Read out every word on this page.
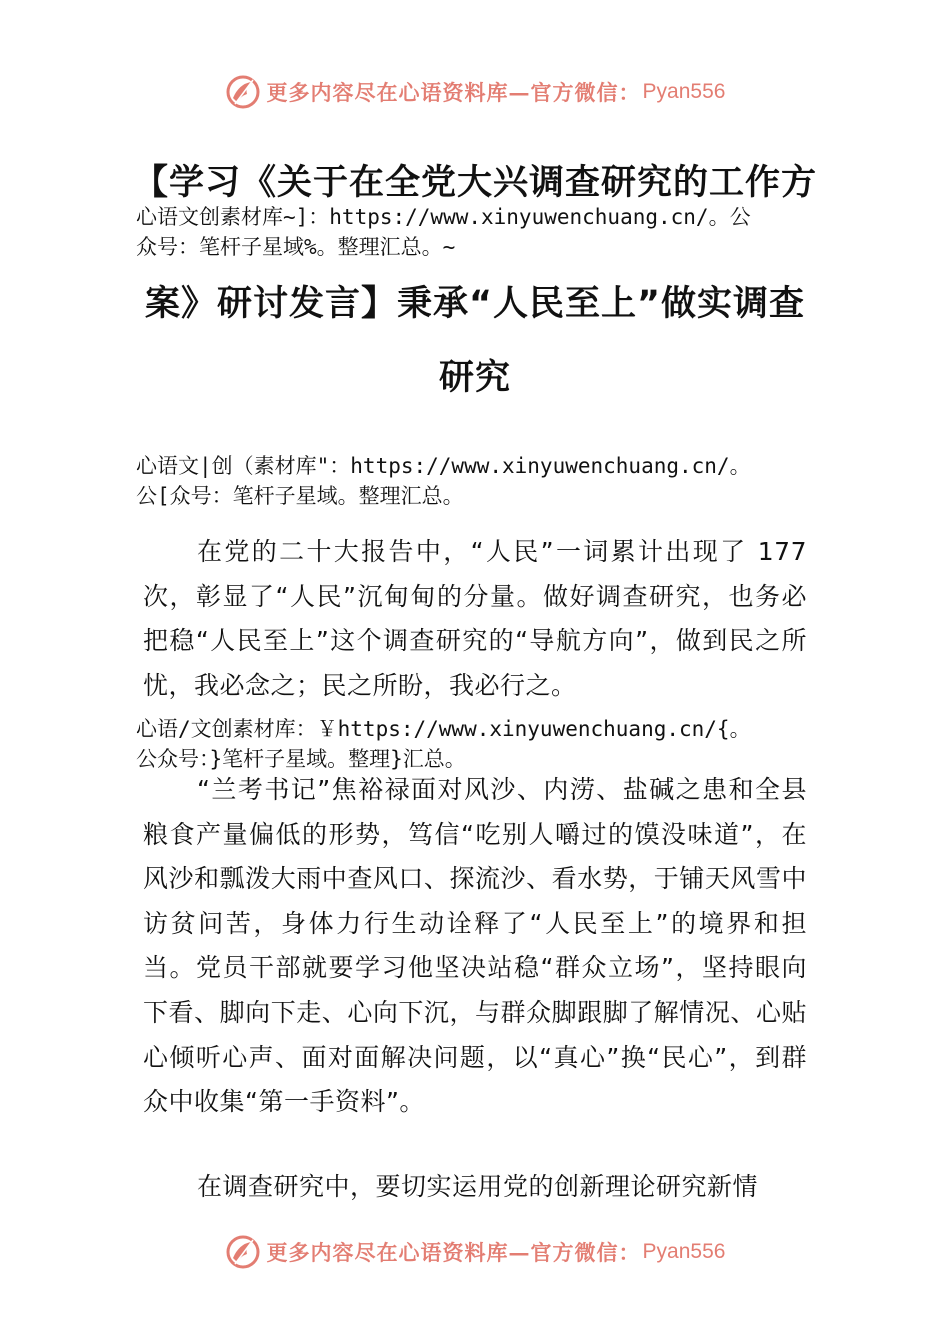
更多内容尽在心语资料库—官方微信： Pyan556
【学习《关于在全党大兴调查研究的工作方
心语文创素材库~]：https://www.xinyuwenchuang.cn/。公
众号：笔杆子星域%。整理汇总。~
案》研讨发言】秉承“人民至上”做实调查
研究
心语文|创（素材库"：https://www.xinyuwenchuang.cn/。
公[众号：笔杆子星域。整理汇总。
在党的二十大报告中，“人民”一词累计出现了 177 次，彰显了“人民”沉甸甸的分量。做好调查研究，也务必把稳“人民至上”这个调查研究的“导航方向”，做到民之所忧，我必念之；民之所盼，我必行之。
心语/文创素材库：￥https://www.xinyuwenchuang.cn/{。
公众号：}笔杆子星域。整理}汇总。
“兰考书记”焦裕禄面对风沙、内涝、盐碱之患和全县粮食产量偏低的形势，笃信“吃别人嚼过的馍没味道”，在风沙和瓢泼大雨中查风口、探流沙、看水势，于铺天风雪中访贫问苦，身体力行生动诠释了“人民至上”的境界和担当。党员干部就要学习他坚决站稳“群众立场”，坚持眼向下看、脚向下走、心向下沉，与群众脚跟脚了解情况、心贴心倾听心声、面对面解决问题，以“真心”换“民心”，到群众中收集“第一手资料”。
在调查研究中，要切实运用党的创新理论研究新情
更多内容尽在心语资料库—官方微信： Pyan556
